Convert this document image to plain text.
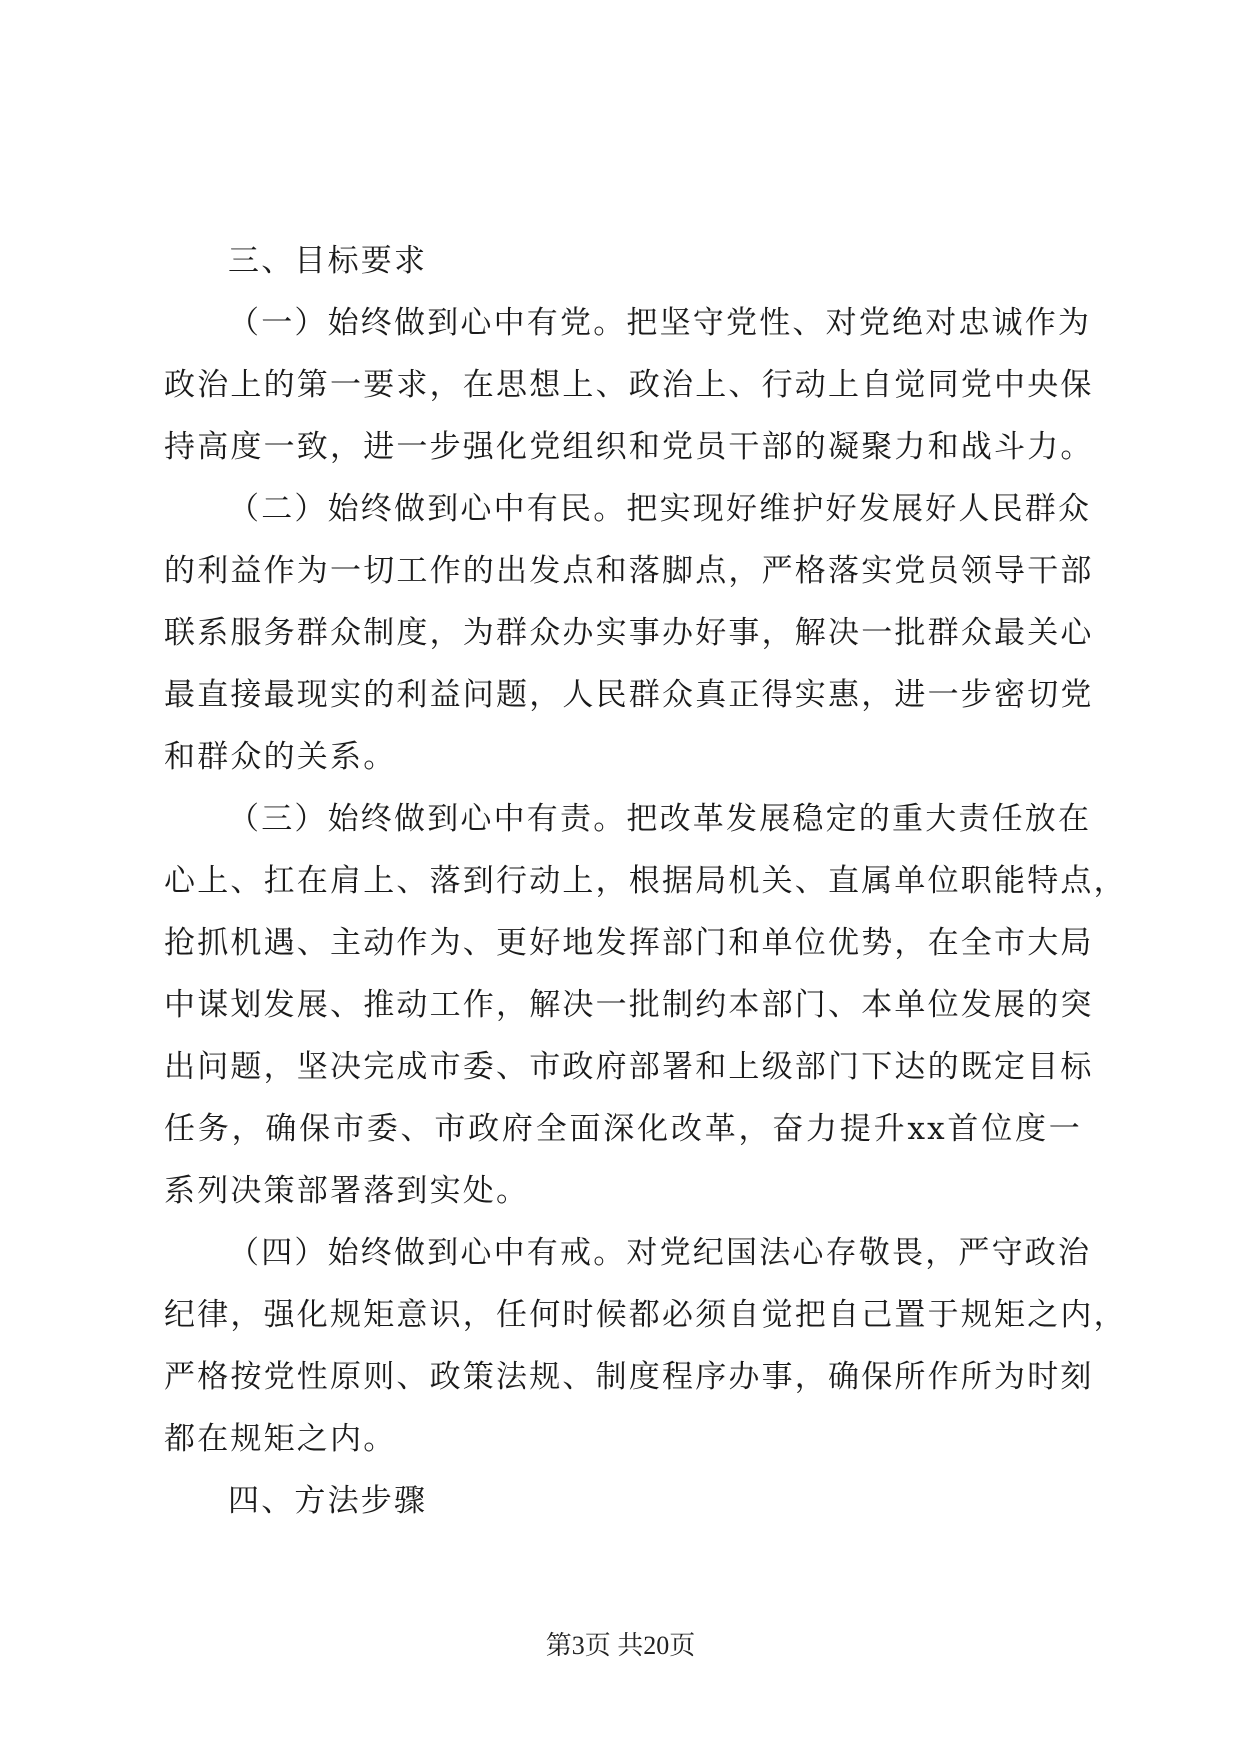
三、目标要求
（一）始终做到心中有党。把坚守党性、对党绝对忠诚作为
政治上的第一要求，在思想上、政治上、行动上自觉同党中央保
持高度一致，进一步强化党组织和党员干部的凝聚力和战斗力。
（二）始终做到心中有民。把实现好维护好发展好人民群众
的利益作为一切工作的出发点和落脚点，严格落实党员领导干部
联系服务群众制度，为群众办实事办好事，解决一批群众最关心
最直接最现实的利益问题，人民群众真正得实惠，进一步密切党
和群众的关系。
（三）始终做到心中有责。把改革发展稳定的重大责任放在
心上、扛在肩上、落到行动上，根据局机关、直属单位职能特点，
抢抓机遇、主动作为、更好地发挥部门和单位优势，在全市大局
中谋划发展、推动工作，解决一批制约本部门、本单位发展的突
出问题，坚决完成市委、市政府部署和上级部门下达的既定目标
任务，确保市委、市政府全面深化改革，奋力提升xx首位度一
系列决策部署落到实处。
（四）始终做到心中有戒。对党纪国法心存敬畏，严守政治
纪律，强化规矩意识，任何时候都必须自觉把自己置于规矩之内，
严格按党性原则、政策法规、制度程序办事，确保所作所为时刻
都在规矩之内。
四、方法步骤
第3页 共20页
